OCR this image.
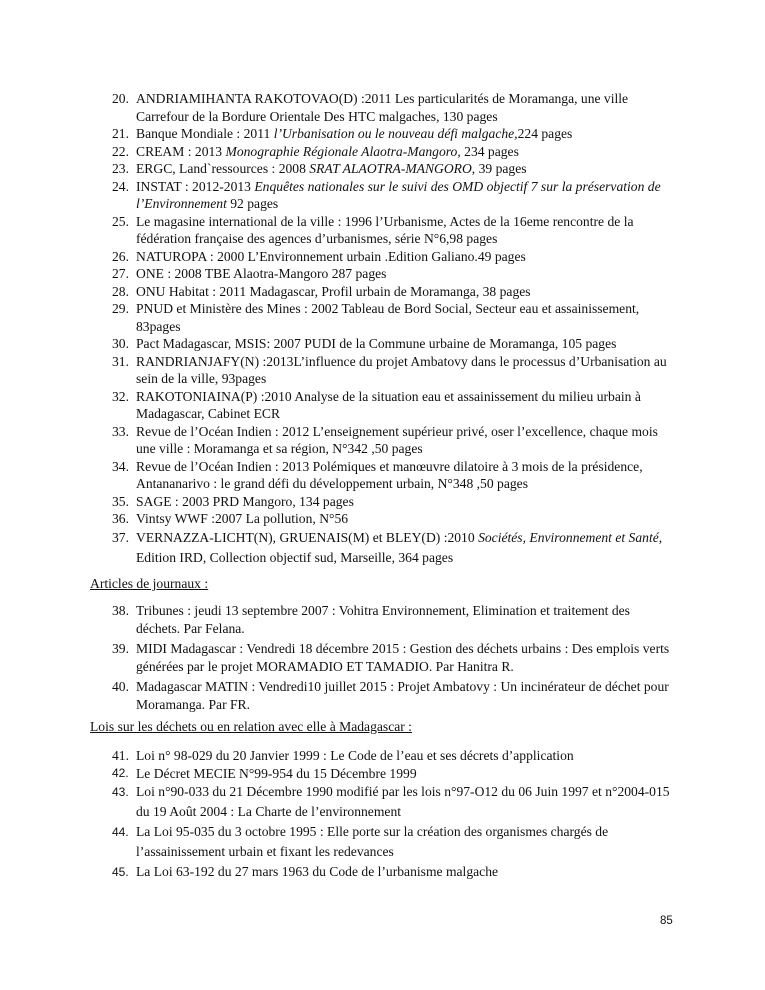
20. ANDRIAMIHANTA RAKOTOVAO(D) :2011 Les particularités de Moramanga, une ville Carrefour de la Bordure Orientale Des HTC malgaches, 130 pages
21. Banque Mondiale : 2011 l’Urbanisation ou le nouveau défi malgache,224 pages
22. CREAM : 2013 Monographie Régionale Alaotra-Mangoro, 234 pages
23. ERGC, Land`ressources : 2008 SRAT ALAOTRA-MANGORO, 39 pages
24. INSTAT : 2012-2013 Enquêtes nationales sur le suivi des OMD objectif 7 sur la préservation de l’Environnement 92 pages
25. Le magasine international de la ville : 1996 l’Urbanisme, Actes de la 16eme rencontre de la fédération française des agences d’urbanismes, série N°6,98 pages
26. NATUROPA : 2000 L’Environnement urbain .Edition Galiano.49 pages
27. ONE : 2008 TBE Alaotra-Mangoro 287 pages
28. ONU Habitat : 2011 Madagascar, Profil urbain de Moramanga, 38 pages
29. PNUD et Ministère des Mines : 2002 Tableau de Bord Social, Secteur eau et assainissement, 83pages
30. Pact Madagascar, MSIS: 2007 PUDI de la Commune urbaine de Moramanga, 105 pages
31. RANDRIANJAFY(N) :2013L’influence du projet Ambatovy dans le processus d’Urbanisation au sein de la ville, 93pages
32. RAKOTONIAINA(P) :2010 Analyse de la situation eau et assainissement du milieu urbain à Madagascar, Cabinet ECR
33. Revue de l’Océan Indien : 2012 L’enseignement supérieur privé, oser l’excellence, chaque mois une ville : Moramanga et sa région, N°342 ,50 pages
34. Revue de l’Océan Indien : 2013 Polémiques et manœuvre dilatoire à 3 mois de la présidence, Antananarivo : le grand défi du développement urbain, N°348 ,50 pages
35. SAGE : 2003 PRD Mangoro, 134 pages
36. Vintsy WWF :2007 La pollution, N°56
37. VERNAZZA-LICHT(N), GRUENAIS(M) et BLEY(D) :2010 Sociétés, Environnement et Santé, Edition IRD, Collection objectif sud, Marseille, 364 pages
Articles de journaux :
38. Tribunes : jeudi 13 septembre 2007 : Vohitra Environnement, Elimination et traitement des déchets. Par Felana.
39. MIDI Madagascar : Vendredi 18 décembre 2015 : Gestion des déchets urbains : Des emplois verts générées par le projet MORAMADIO ET TAMADIO. Par Hanitra R.
40. Madagascar MATIN : Vendredi10 juillet 2015 : Projet Ambatovy : Un incinérateur de déchet pour Moramanga. Par FR.
Lois sur les déchets ou en relation avec elle à Madagascar :
41. Loi n° 98-029 du 20 Janvier 1999 : Le Code de l’eau et ses décrets d’application
42. Le Décret MECIE N°99-954 du 15 Décembre 1999
43. Loi n°90-033 du 21 Décembre 1990 modifié par les lois n°97-O12 du 06 Juin 1997 et n°2004-015 du 19 Août 2004 : La Charte de l’environnement
44. La Loi 95-035 du 3 octobre 1995 : Elle porte sur la création des organismes chargés de l’assainissement urbain et fixant les redevances
45. La Loi 63-192 du 27 mars 1963 du Code de l’urbanisme malgache
85
